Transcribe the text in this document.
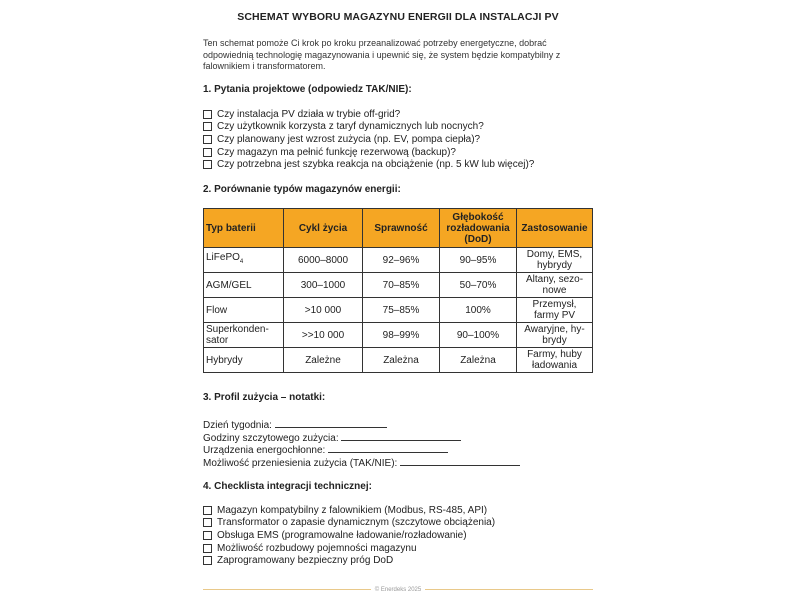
SCHEMAT WYBORU MAGAZYNU ENERGII DLA INSTALACJI PV
Ten schemat pomoże Ci krok po kroku przeanalizować potrzeby energetyczne, dobrać odpowiednią technologię magazynowania i upewnić się, że system będzie kompatybilny z falownikiem i transformatorem.
1. Pytania projektowe (odpowiedz TAK/NIE):
Czy instalacja PV działa w trybie off-grid?
Czy użytkownik korzysta z taryf dynamicznych lub nocnych?
Czy planowany jest wzrost zużycia (np. EV, pompa ciepła)?
Czy magazyn ma pełnić funkcję rezerwową (backup)?
Czy potrzebna jest szybka reakcja na obciążenie (np. 5 kW lub więcej)?
2. Porównanie typów magazynów energii:
Typ baterii	Cykl życia	Sprawność	Głębokość rozładowania (DoD)	Zastosowanie
LiFePO$_4$	6000–8000	92–96%	90–95%	Domy, EMS, hybrydy
AGM/GEL	300–1000	70–85%	50–70%	Altany, sezo-nowe
Flow	>10 000	75–85%	100%	Przemysł, farmy PV
Superkonden-sator	>>10 000	98–99%	90–100%	Awaryjne, hy-brydy
Hybrydy	Zależne	Zależna	Zależna	Farmy, huby ładowania
3. Profil zużycia – notatki:
Dzień tygodnia:
Godziny szczytowego zużycia:
Urządzenia energochłonne:
Możliwość przeniesienia zużycia (TAK/NIE):
4. Checklista integracji technicznej:
Magazyn kompatybilny z falownikiem (Modbus, RS-485, API)
Transformator o zapasie dynamicznym (szczytowe obciążenia)
Obsługa EMS (programowalne ładowanie/rozładowanie)
Możliwość rozbudowy pojemności magazynu
Zaprogramowany bezpieczny próg DoD
© Enerdeks 2025
